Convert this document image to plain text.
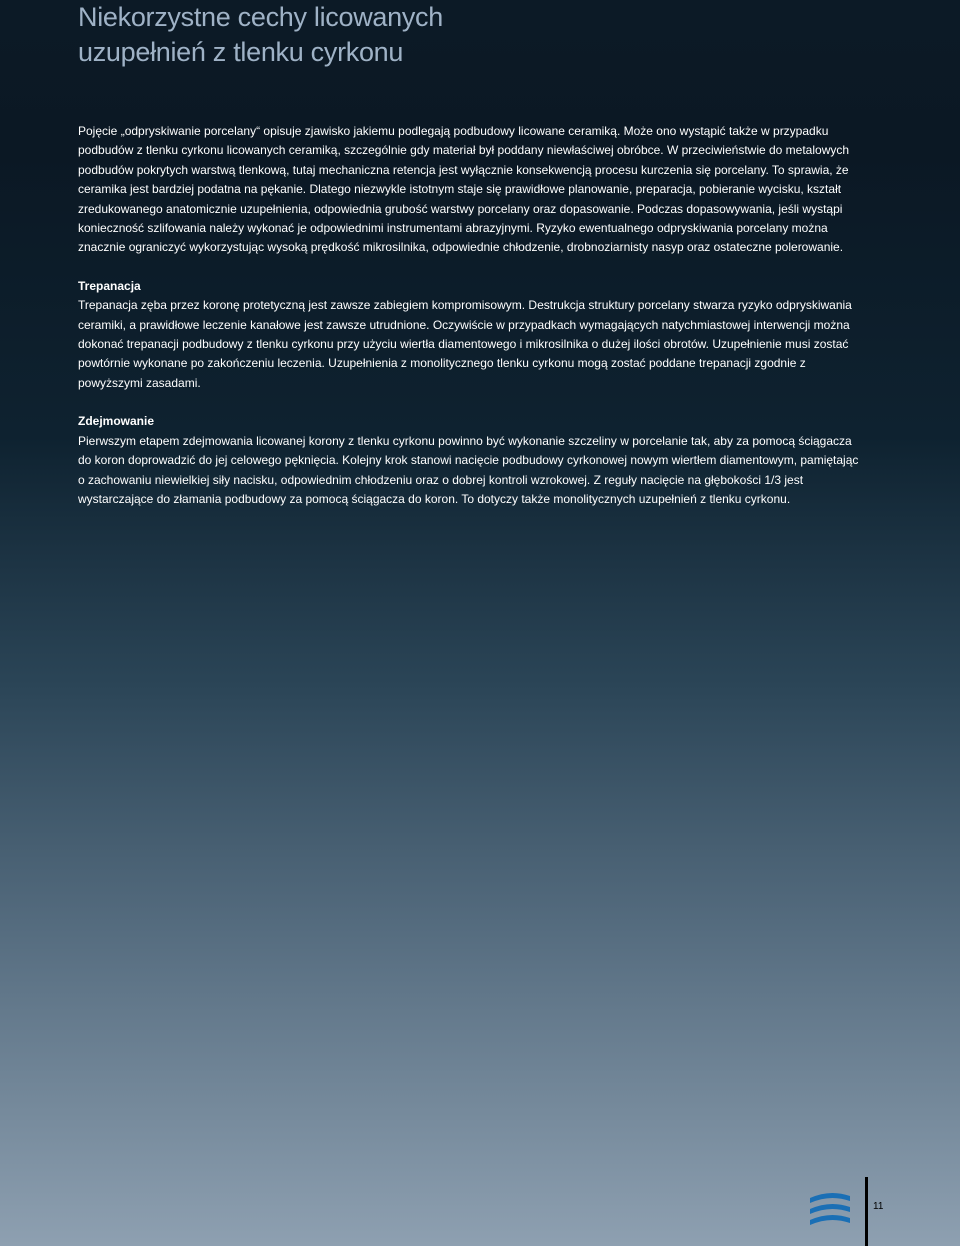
Niekorzystne cechy licowanych
uzupełnień z tlenku cyrkonu

Pojęcie „odpryskiwanie porcelany“ opisuje zjawisko jakiemu podlegają podbudowy licowane ceramiką. Może ono wystąpić także w przypadku podbudów z tlenku cyrkonu licowanych ceramiką, szczególnie gdy materiał był poddany niewłaściwej obróbce. W przeciwieństwie do metalowych podbudów pokrytych warstwą tlenkową, tutaj mechaniczna retencja jest wyłącznie konsekwencją procesu kurczenia się porcelany. To sprawia, że ceramika jest bardziej podatna na pękanie. Dlatego niezwykle istotnym staje się prawidłowe planowanie, preparacja, pobieranie wycisku, kształt zredukowanego anatomicznie uzupełnienia, odpowiednia grubość warstwy porcelany oraz dopasowanie. Podczas dopasowywania, jeśli wystąpi konieczność szlifowania należy wykonać je odpowiednimi instrumentami abrazyjnymi. Ryzyko ewentualnego odpryskiwania porcelany można znacznie ograniczyć wykorzystując wysoką prędkość mikrosilnika, odpowiednie chłodzenie, drobnoziarnisty nasyp oraz ostateczne polerowanie.

Trepanacja

Trepanacja zęba przez koronę protetyczną jest zawsze zabiegiem kompromisowym. Destrukcja struktury porcelany stwarza ryzyko odpryskiwania ceramiki, a prawidłowe leczenie kanałowe jest zawsze utrudnione. Oczywiście w przypadkach wymagających natychmiastowej interwencji można dokonać trepanacji podbudowy z tlenku cyrkonu przy użyciu wiertła diamentowego i mikrosilnika o dużej ilości obrotów. Uzupełnienie musi zostać powtórnie wykonane po zakończeniu leczenia. Uzupełnienia z monolitycznego tlenku cyrkonu mogą zostać poddane trepanacji zgodnie z powyższymi zasadami.

Zdejmowanie

Pierwszym etapem zdejmowania licowanej korony z tlenku cyrkonu powinno być wykonanie szczeliny w porcelanie tak, aby za pomocą ściągacza do koron doprowadzić do jej celowego pęknięcia. Kolejny krok stanowi nacięcie podbudowy cyrkonowej nowym wiertłem diamentowym, pamiętając o zachowaniu niewielkiej siły nacisku, odpowiednim chłodzeniu oraz o dobrej kontroli wzrokowej. Z reguły nacięcie na głębokości 1/3 jest wystarczające do złamania podbudowy za pomocą ściągacza do koron. To dotyczy także monolitycznych uzupełnień z tlenku cyrkonu.

11
